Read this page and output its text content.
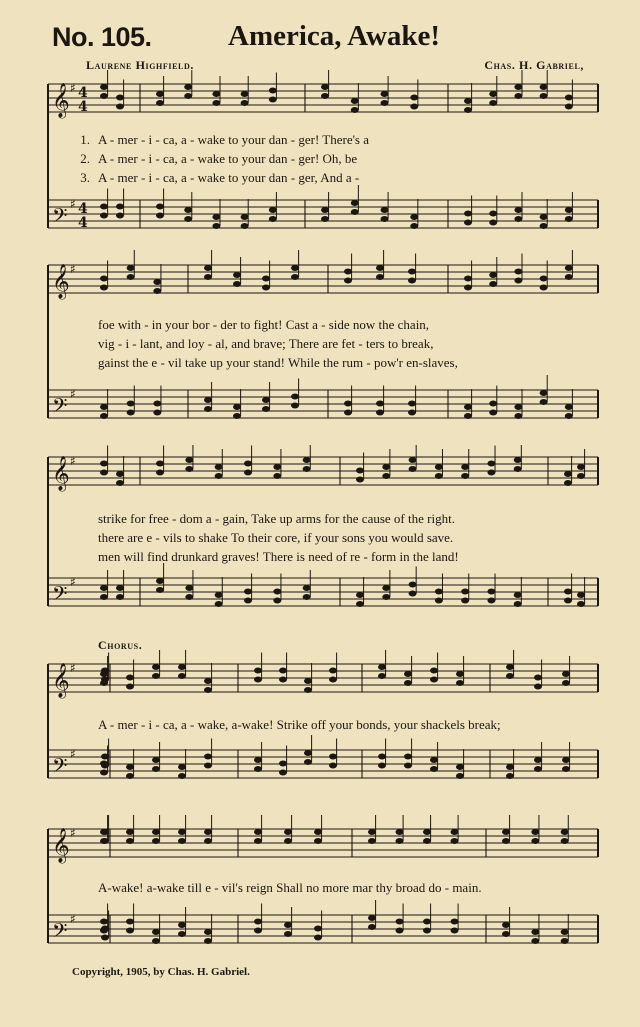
No. 105.	America, Awake!
Laurene Highfield.	Chas. H. Gabriel,
Chorus.
𝄞 ♯ 4
4
𝄢 ♯ 4
4
𝄞 ♯
𝄢 ♯
𝄞 ♯
𝄢 ♯
𝄞 ♯
𝄢 ♯
𝄞 ♯
𝄢 ♯
1. A - mer - i - ca, a - wake to your dan - ger! There's a
2. A - mer - i - ca, a - wake to your dan - ger! Oh, be
3. A - mer - i - ca, a - wake to your dan - ger, And a -
foe with - in your bor - der to fight! Cast a - side now the chain,
vig - i - lant, and loy - al, and brave; There are fet - ters to break,
gainst the e - vil take up your stand! While the rum - pow'r en-slaves,
strike for free - dom a - gain, Take up arms for the cause of the right.
there are e - vils to shake To their core, if your sons you would save.
men will find drunkard graves! There is need of re - form in the land!
A - mer - i - ca, a - wake, a-wake! Strike off your bonds, your shackels break;
A-wake! a-wake till e - vil's reign Shall no more mar thy broad do - main.
Copyright, 1905, by Chas. H. Gabriel.
